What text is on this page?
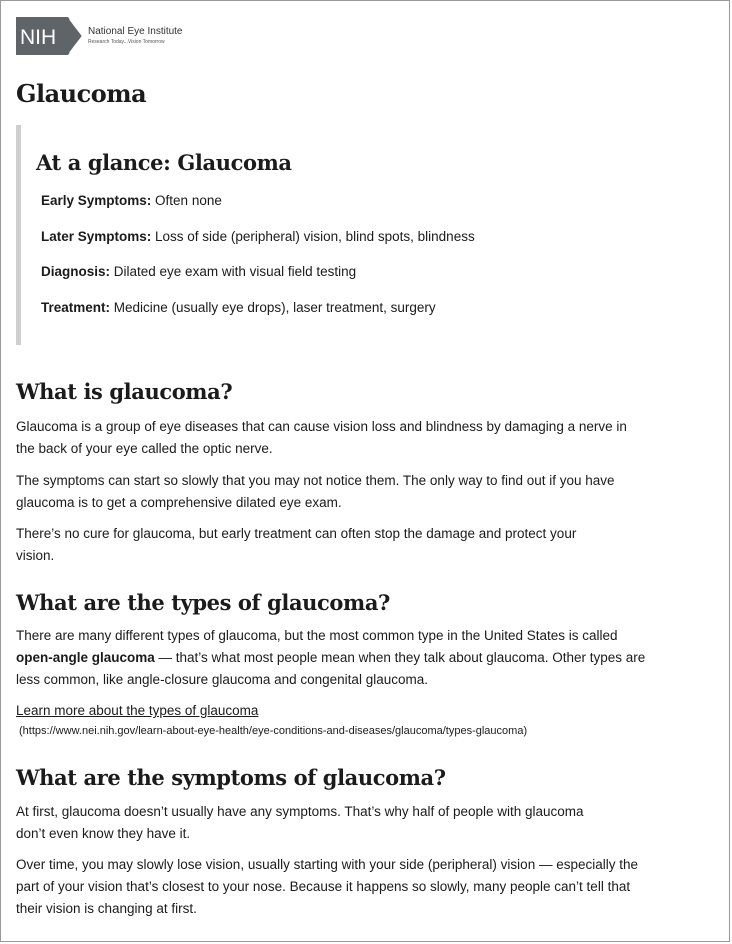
NIH	National Eye Institute
Research Today...Vision Tomorrow
Glaucoma
At a glance: Glaucoma

Early Symptoms: Often none

Later Symptoms: Loss of side (peripheral) vision, blind spots, blindness

Diagnosis: Dilated eye exam with visual field testing

Treatment: Medicine (usually eye drops), laser treatment, surgery

What is glaucoma?

Glaucoma is a group of eye diseases that can cause vision loss and blindness by damaging a nerve in the back of your eye called the optic nerve.

The symptoms can start so slowly that you may not notice them. The only way to find out if you have glaucoma is to get a comprehensive dilated eye exam.

There’s no cure for glaucoma, but early treatment can often stop the damage and protect your vision.

What are the types of glaucoma?

There are many different types of glaucoma, but the most common type in the United States is called open-angle glaucoma — that’s what most people mean when they talk about glaucoma. Other types are less common, like angle-closure glaucoma and congenital glaucoma.

Learn more about the types of glaucoma

(https://www.nei.nih.gov/learn-about-eye-health/eye-conditions-and-diseases/glaucoma/types-glaucoma)

What are the symptoms of glaucoma?

At first, glaucoma doesn’t usually have any symptoms. That’s why half of people with glaucoma don’t even know they have it.

Over time, you may slowly lose vision, usually starting with your side (peripheral) vision — especially the part of your vision that’s closest to your nose. Because it happens so slowly, many people can’t tell that their vision is changing at first.
